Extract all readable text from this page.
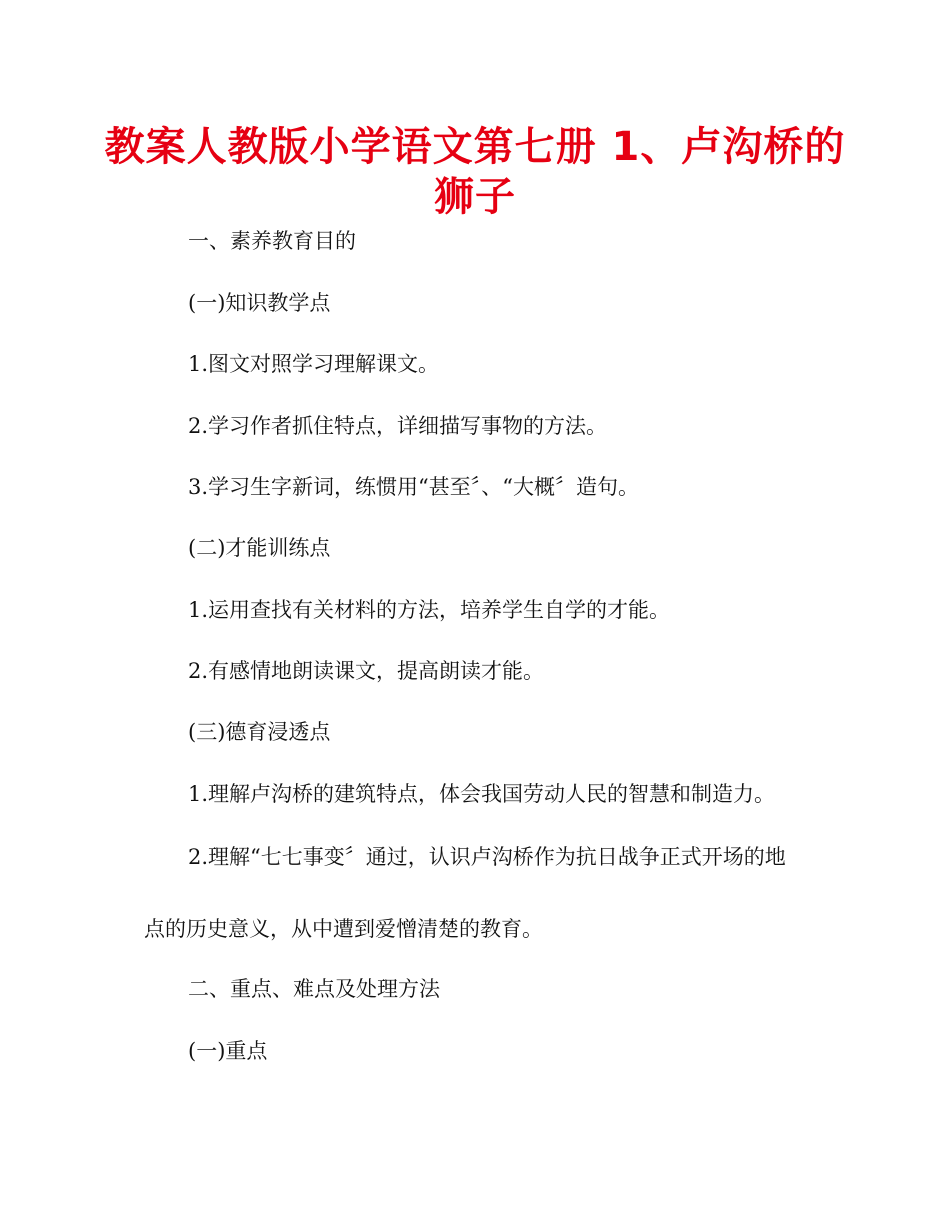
教案人教版小学语文第七册 1、卢沟桥的
狮子
一、素养教育目的
(一)知识教学点
1.图文对照学习理解课文。
2.学习作者抓住特点，详细描写事物的方法。
3.学习生字新词，练惯用“甚至〞、“大概〞造句。
(二)才能训练点
1.运用查找有关材料的方法，培养学生自学的才能。
2.有感情地朗读课文，提高朗读才能。
(三)德育浸透点
1.理解卢沟桥的建筑特点，体会我国劳动人民的智慧和制造力。
2.理解“七七事变〞通过，认识卢沟桥作为抗日战争正式开场的地
点的历史意义，从中遭到爱憎清楚的教育。
二、重点、难点及处理方法
(一)重点
